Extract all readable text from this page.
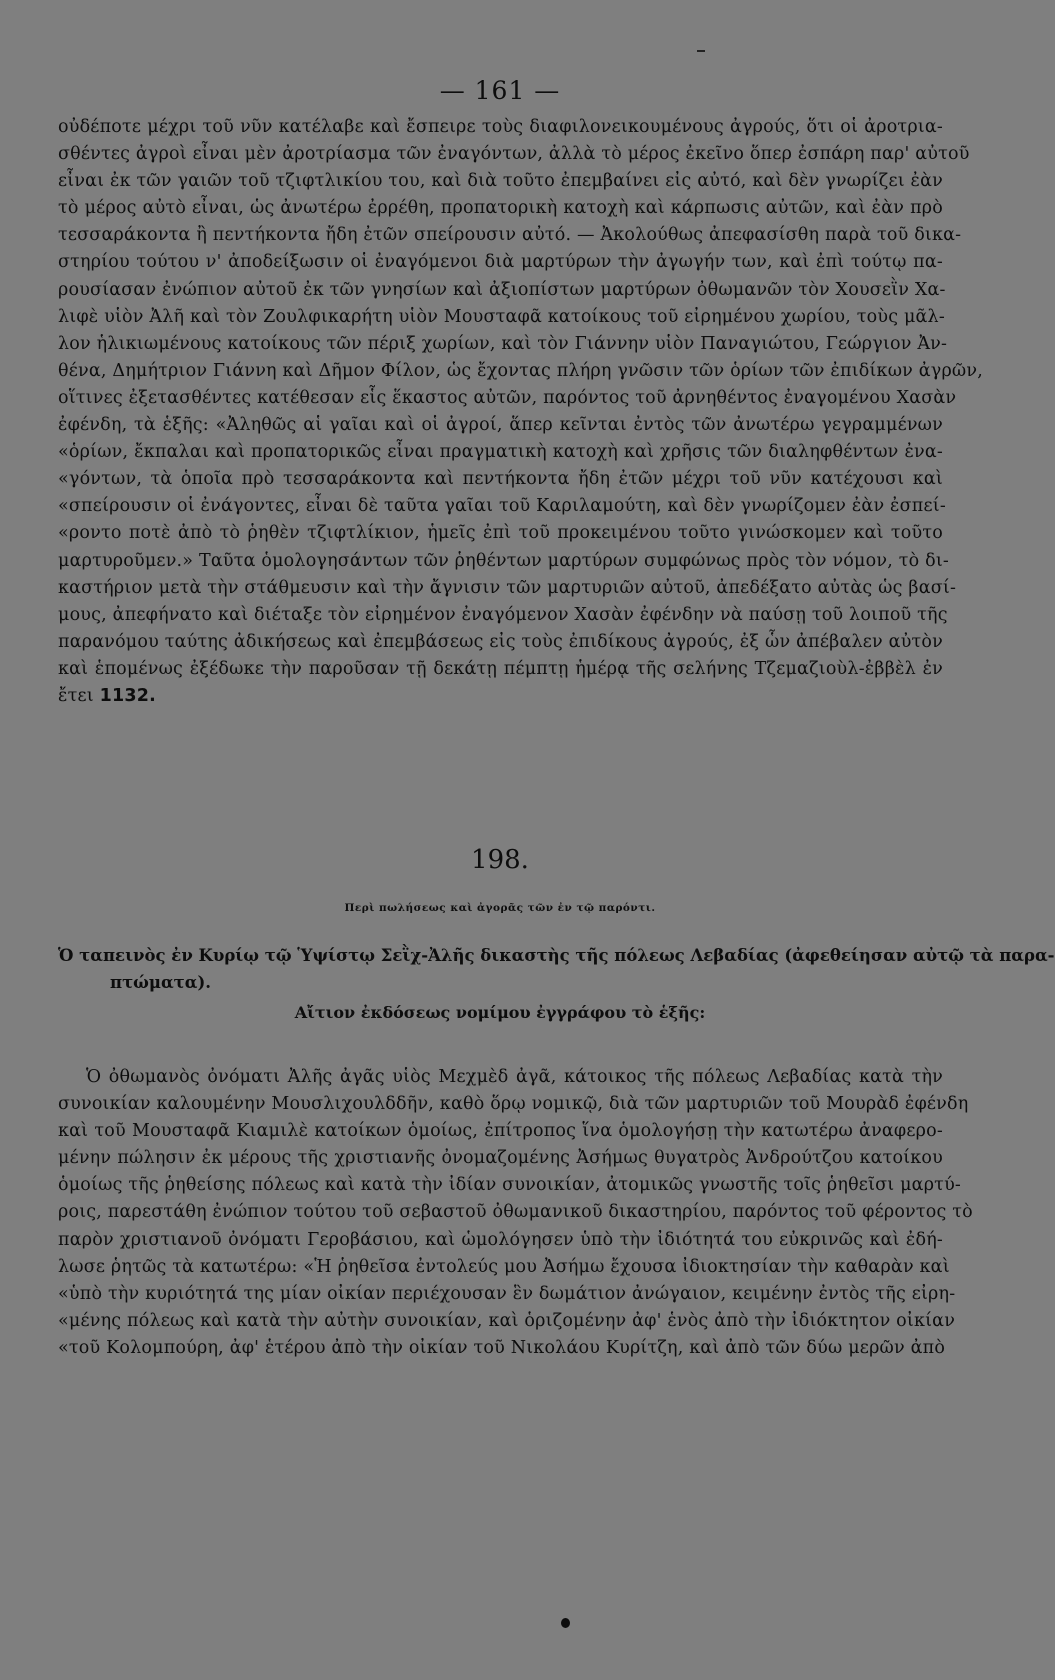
— 161 —
οὐδέποτε μέχρι τοῦ νῦν κατέλαβε καὶ ἔσπειρε τοὺς διαφιλονεικουμένους ἀγρούς, ὅτι οἱ ἀροτρια-
σθέντες ἀγροὶ εἶναι μὲν ἀροτρίασμα τῶν ἐναγόντων, ἀλλὰ τὸ μέρος ἐκεῖνο ὅπερ ἐσπάρη παρ' αὐτοῦ
εἶναι ἐκ τῶν γαιῶν τοῦ τζιφτλικίου του, καὶ διὰ τοῦτο ἐπεμβαίνει εἰς αὐτό, καὶ δὲν γνωρίζει ἐὰν
τὸ μέρος αὐτὸ εἶναι, ὡς ἀνωτέρω ἐρρέθη, προπατορικὴ κατοχὴ καὶ κάρπωσις αὐτῶν, καὶ ἐὰν πρὸ
τεσσαράκοντα ἢ πεντήκοντα ἤδη ἐτῶν σπείρουσιν αὐτό. — Ἀκολούθως ἀπεφασίσθη παρὰ τοῦ δικα-
στηρίου τούτου ν' ἀποδείξωσιν οἱ ἐναγόμενοι διὰ μαρτύρων τὴν ἀγωγήν των, καὶ ἐπὶ τούτῳ πα-
ρουσίασαν ἐνώπιον αὐτοῦ ἐκ τῶν γνησίων καὶ ἀξιοπίστων μαρτύρων ὀθωμανῶν τὸν Χουσεῒν Χα-
λιφὲ υἱὸν Ἀλῆ καὶ τὸν Ζουλφικαρήτη υἱὸν Μουσταφᾶ κατοίκους τοῦ εἰρημένου χωρίου, τοὺς μᾶλ-
λον ἡλικιωμένους κατοίκους τῶν πέριξ χωρίων, καὶ τὸν Γιάννην υἱὸν Παναγιώτου, Γεώργιον Ἀν-
θένα, Δημήτριον Γιάννη καὶ Δῆμον Φίλον, ὡς ἔχοντας πλήρη γνῶσιν τῶν ὁρίων τῶν ἐπιδίκων ἀγρῶν,
οἵτινες ἐξετασθέντες κατέθεσαν εἷς ἕκαστος αὐτῶν, παρόντος τοῦ ἀρνηθέντος ἐναγομένου Χασὰν
ἐφένδη, τὰ ἑξῆς: «Ἀληθῶς αἱ γαῖαι καὶ οἱ ἀγροί, ἅπερ κεῖνται ἐντὸς τῶν ἀνωτέρω γεγραμμένων
«ὁρίων, ἔκπαλαι καὶ προπατορικῶς εἶναι πραγματικὴ κατοχὴ καὶ χρῆσις τῶν διαληφθέντων ἐνα-
«γόντων, τὰ ὁποῖα πρὸ τεσσαράκοντα καὶ πεντήκοντα ἤδη ἐτῶν μέχρι τοῦ νῦν κατέχουσι καὶ
«σπείρουσιν οἱ ἐνάγοντες, εἶναι δὲ ταῦτα γαῖαι τοῦ Καριλαμούτη, καὶ δὲν γνωρίζομεν ἐὰν ἐσπεί-
«ροντο ποτὲ ἀπὸ τὸ ῥηθὲν τζιφτλίκιον, ἡμεῖς ἐπὶ τοῦ προκειμένου τοῦτο γινώσκομεν καὶ τοῦτο
μαρτυροῦμεν.» Ταῦτα ὁμολογησάντων τῶν ῥηθέντων μαρτύρων συμφώνως πρὸς τὸν νόμον, τὸ δι-
καστήριον μετὰ τὴν στάθμευσιν καὶ τὴν ἄγνισιν τῶν μαρτυριῶν αὐτοῦ, ἀπεδέξατο αὐτὰς ὡς βασί-
μους, ἀπεφήνατο καὶ διέταξε τὸν εἰρημένον ἐναγόμενον Χασὰν ἐφένδην νὰ παύσῃ τοῦ λοιποῦ τῆς
παρανόμου ταύτης ἀδικήσεως καὶ ἐπεμβάσεως εἰς τοὺς ἐπιδίκους ἀγρούς, ἐξ ὧν ἀπέβαλεν αὐτὸν
καὶ ἑπομένως ἐξέδωκε τὴν παροῦσαν τῇ δεκάτῃ πέμπτῃ ἡμέρᾳ τῆς σελήνης Τζεμαζιοὺλ-ἐββὲλ ἐν
ἔτει 1132.
198.
Περὶ πωλήσεως καὶ ἀγορᾶς τῶν ἐν τῷ παρόντι.
Ὁ ταπεινὸς ἐν Κυρίῳ τῷ Ὑψίστῳ Σεῒχ-Ἀλῆς δικαστὴς τῆς πόλεως Λεβαδίας (ἀφεθείησαν αὐτῷ τὰ παρα-
πτώματα).
Αἴτιον ἐκδόσεως νομίμου ἐγγράφου τὸ ἑξῆς:
Ὁ ὀθωμανὸς ὀνόματι Ἀλῆς ἀγᾶς υἱὸς Μεχμὲδ ἀγᾶ, κάτοικος τῆς πόλεως Λεβαδίας κατὰ τὴν
συνοικίαν καλουμένην Μουσλιχουλδδῆν, καθὸ ὅρῳ νομικῷ, διὰ τῶν μαρτυριῶν τοῦ Μουρὰδ ἐφένδη
καὶ τοῦ Μουσταφᾶ Κιαμιλὲ κατοίκων ὁμοίως, ἐπίτροπος ἵνα ὁμολογήσῃ τὴν κατωτέρω ἀναφερο-
μένην πώλησιν ἐκ μέρους τῆς χριστιανῆς ὀνομαζομένης Ἀσήμως θυγατρὸς Ἀνδρούτζου κατοίκου
ὁμοίως τῆς ῥηθείσης πόλεως καὶ κατὰ τὴν ἰδίαν συνοικίαν, ἀτομικῶς γνωστῆς τοῖς ῥηθεῖσι μαρτύ-
ροις, παρεστάθη ἐνώπιον τούτου τοῦ σεβαστοῦ ὀθωμανικοῦ δικαστηρίου, παρόντος τοῦ φέροντος τὸ
παρὸν χριστιανοῦ ὀνόματι Γεροβάσιου, καὶ ὡμολόγησεν ὑπὸ τὴν ἰδιότητά του εὐκρινῶς καὶ ἐδή-
λωσε ῥητῶς τὰ κατωτέρω: «Ἡ ῥηθεῖσα ἐντολεύς μου Ἀσήμω ἔχουσα ἰδιοκτησίαν τὴν καθαρὰν καὶ
«ὑπὸ τὴν κυριότητά της μίαν οἰκίαν περιέχουσαν ἓν δωμάτιον ἀνώγαιον, κειμένην ἐντὸς τῆς εἰρη-
«μένης πόλεως καὶ κατὰ τὴν αὐτὴν συνοικίαν, καὶ ὁριζομένην ἀφ' ἑνὸς ἀπὸ τὴν ἰδιόκτητον οἰκίαν
«τοῦ Κολομπούρη, ἀφ' ἑτέρου ἀπὸ τὴν οἰκίαν τοῦ Νικολάου Κυρίτζη, καὶ ἀπὸ τῶν δύω μερῶν ἀπὸ
